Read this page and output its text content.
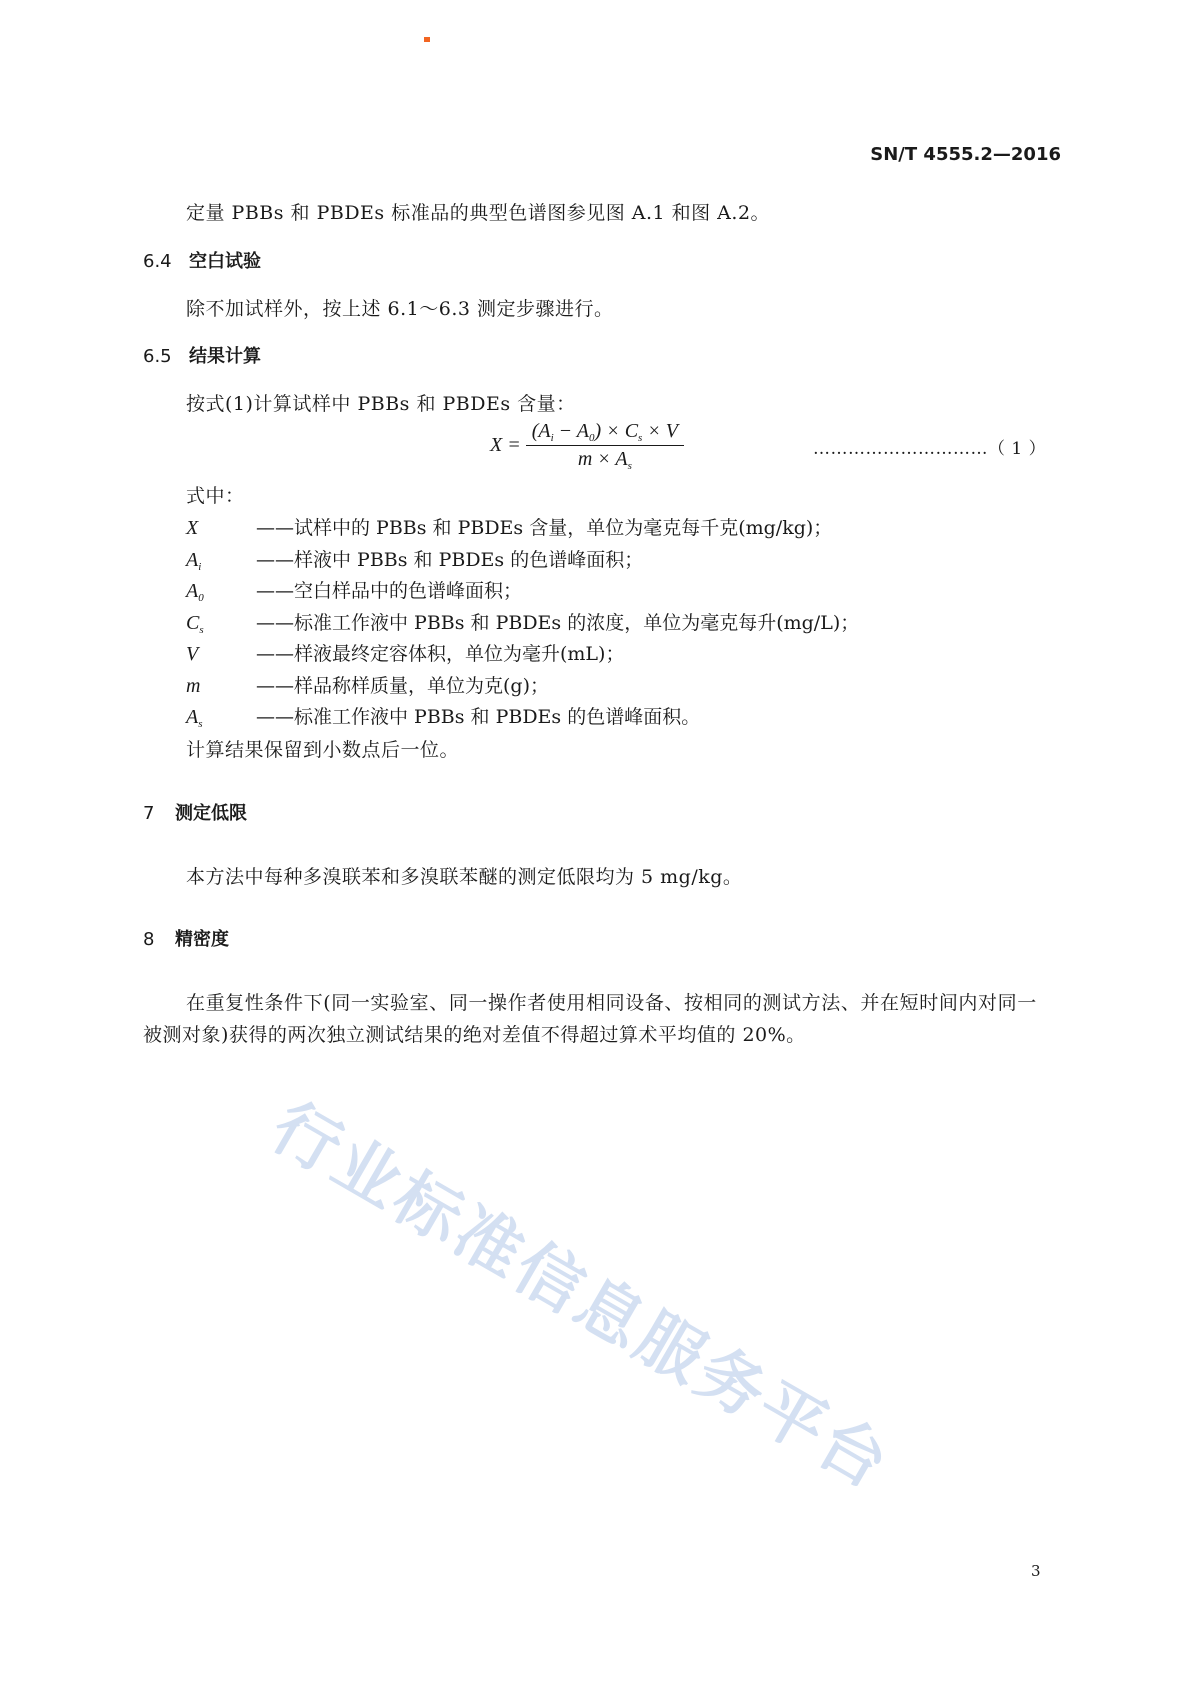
SN/T 4555.2—2016
定量 PBBs 和 PBDEs 标准品的典型色谱图参见图 A.1 和图 A.2。
6.4 空白试验
除不加试样外，按上述 6.1～6.3 测定步骤进行。
6.5 结果计算
按式(1)计算试样中 PBBs 和 PBDEs 含量：
$X = \frac{(A_i - A_0) \times C_s \times V}{m \times A_s}$	…………………………（ 1 ）
式中：
X	——试样中的 PBBs 和 PBDEs 含量，单位为毫克每千克(mg/kg)；
$A_i$	——样液中 PBBs 和 PBDEs 的色谱峰面积；
$A_0$	——空白样品中的色谱峰面积；
$C_s$	——标准工作液中 PBBs 和 PBDEs 的浓度，单位为毫克每升(mg/L)；
V	——样液最终定容体积，单位为毫升(mL)；
m	——样品称样质量，单位为克(g)；
$A_s$	——标准工作液中 PBBs 和 PBDEs 的色谱峰面积。
计算结果保留到小数点后一位。
7 测定低限
本方法中每种多溴联苯和多溴联苯醚的测定低限均为 5 mg/kg。
8 精密度
在重复性条件下(同一实验室、同一操作者使用相同设备、按相同的测试方法、并在短时间内对同一
被测对象)获得的两次独立测试结果的绝对差值不得超过算术平均值的 20%。
行业标准信息服务平台
3
